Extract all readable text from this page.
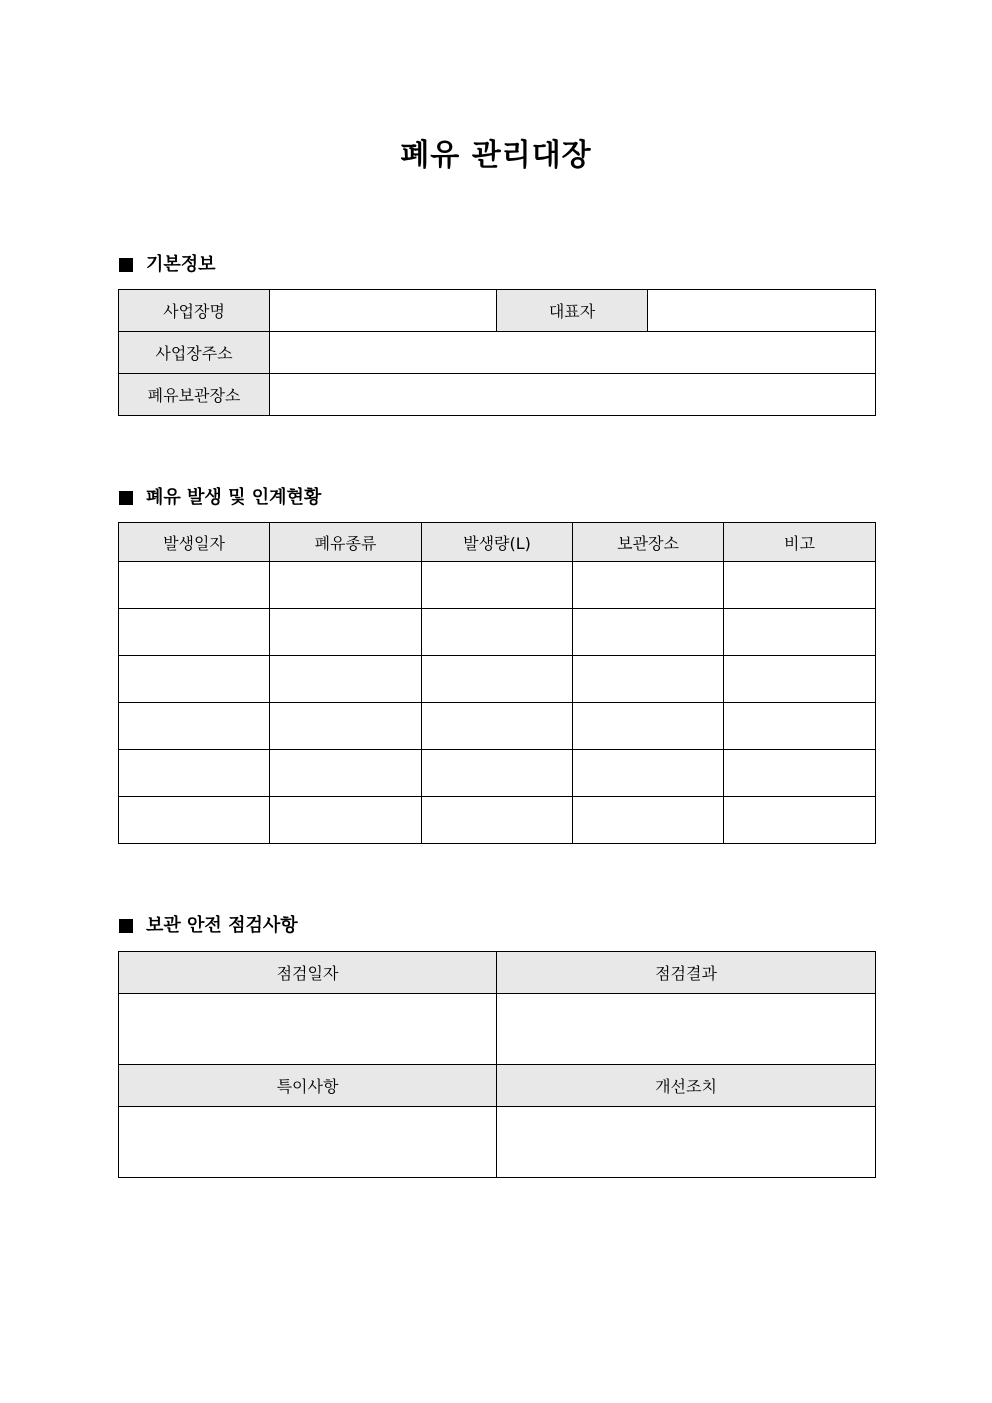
폐유 관리대장
기본정보
사업장명		대표자	
사업장주소			
폐유보관장소			
폐유 발생 및 인계현황
발생일자	폐유종류	발생량(L)	보관장소	비고

보관 안전 점검사항
점검일자	점검결과

특이사항	개선조치
